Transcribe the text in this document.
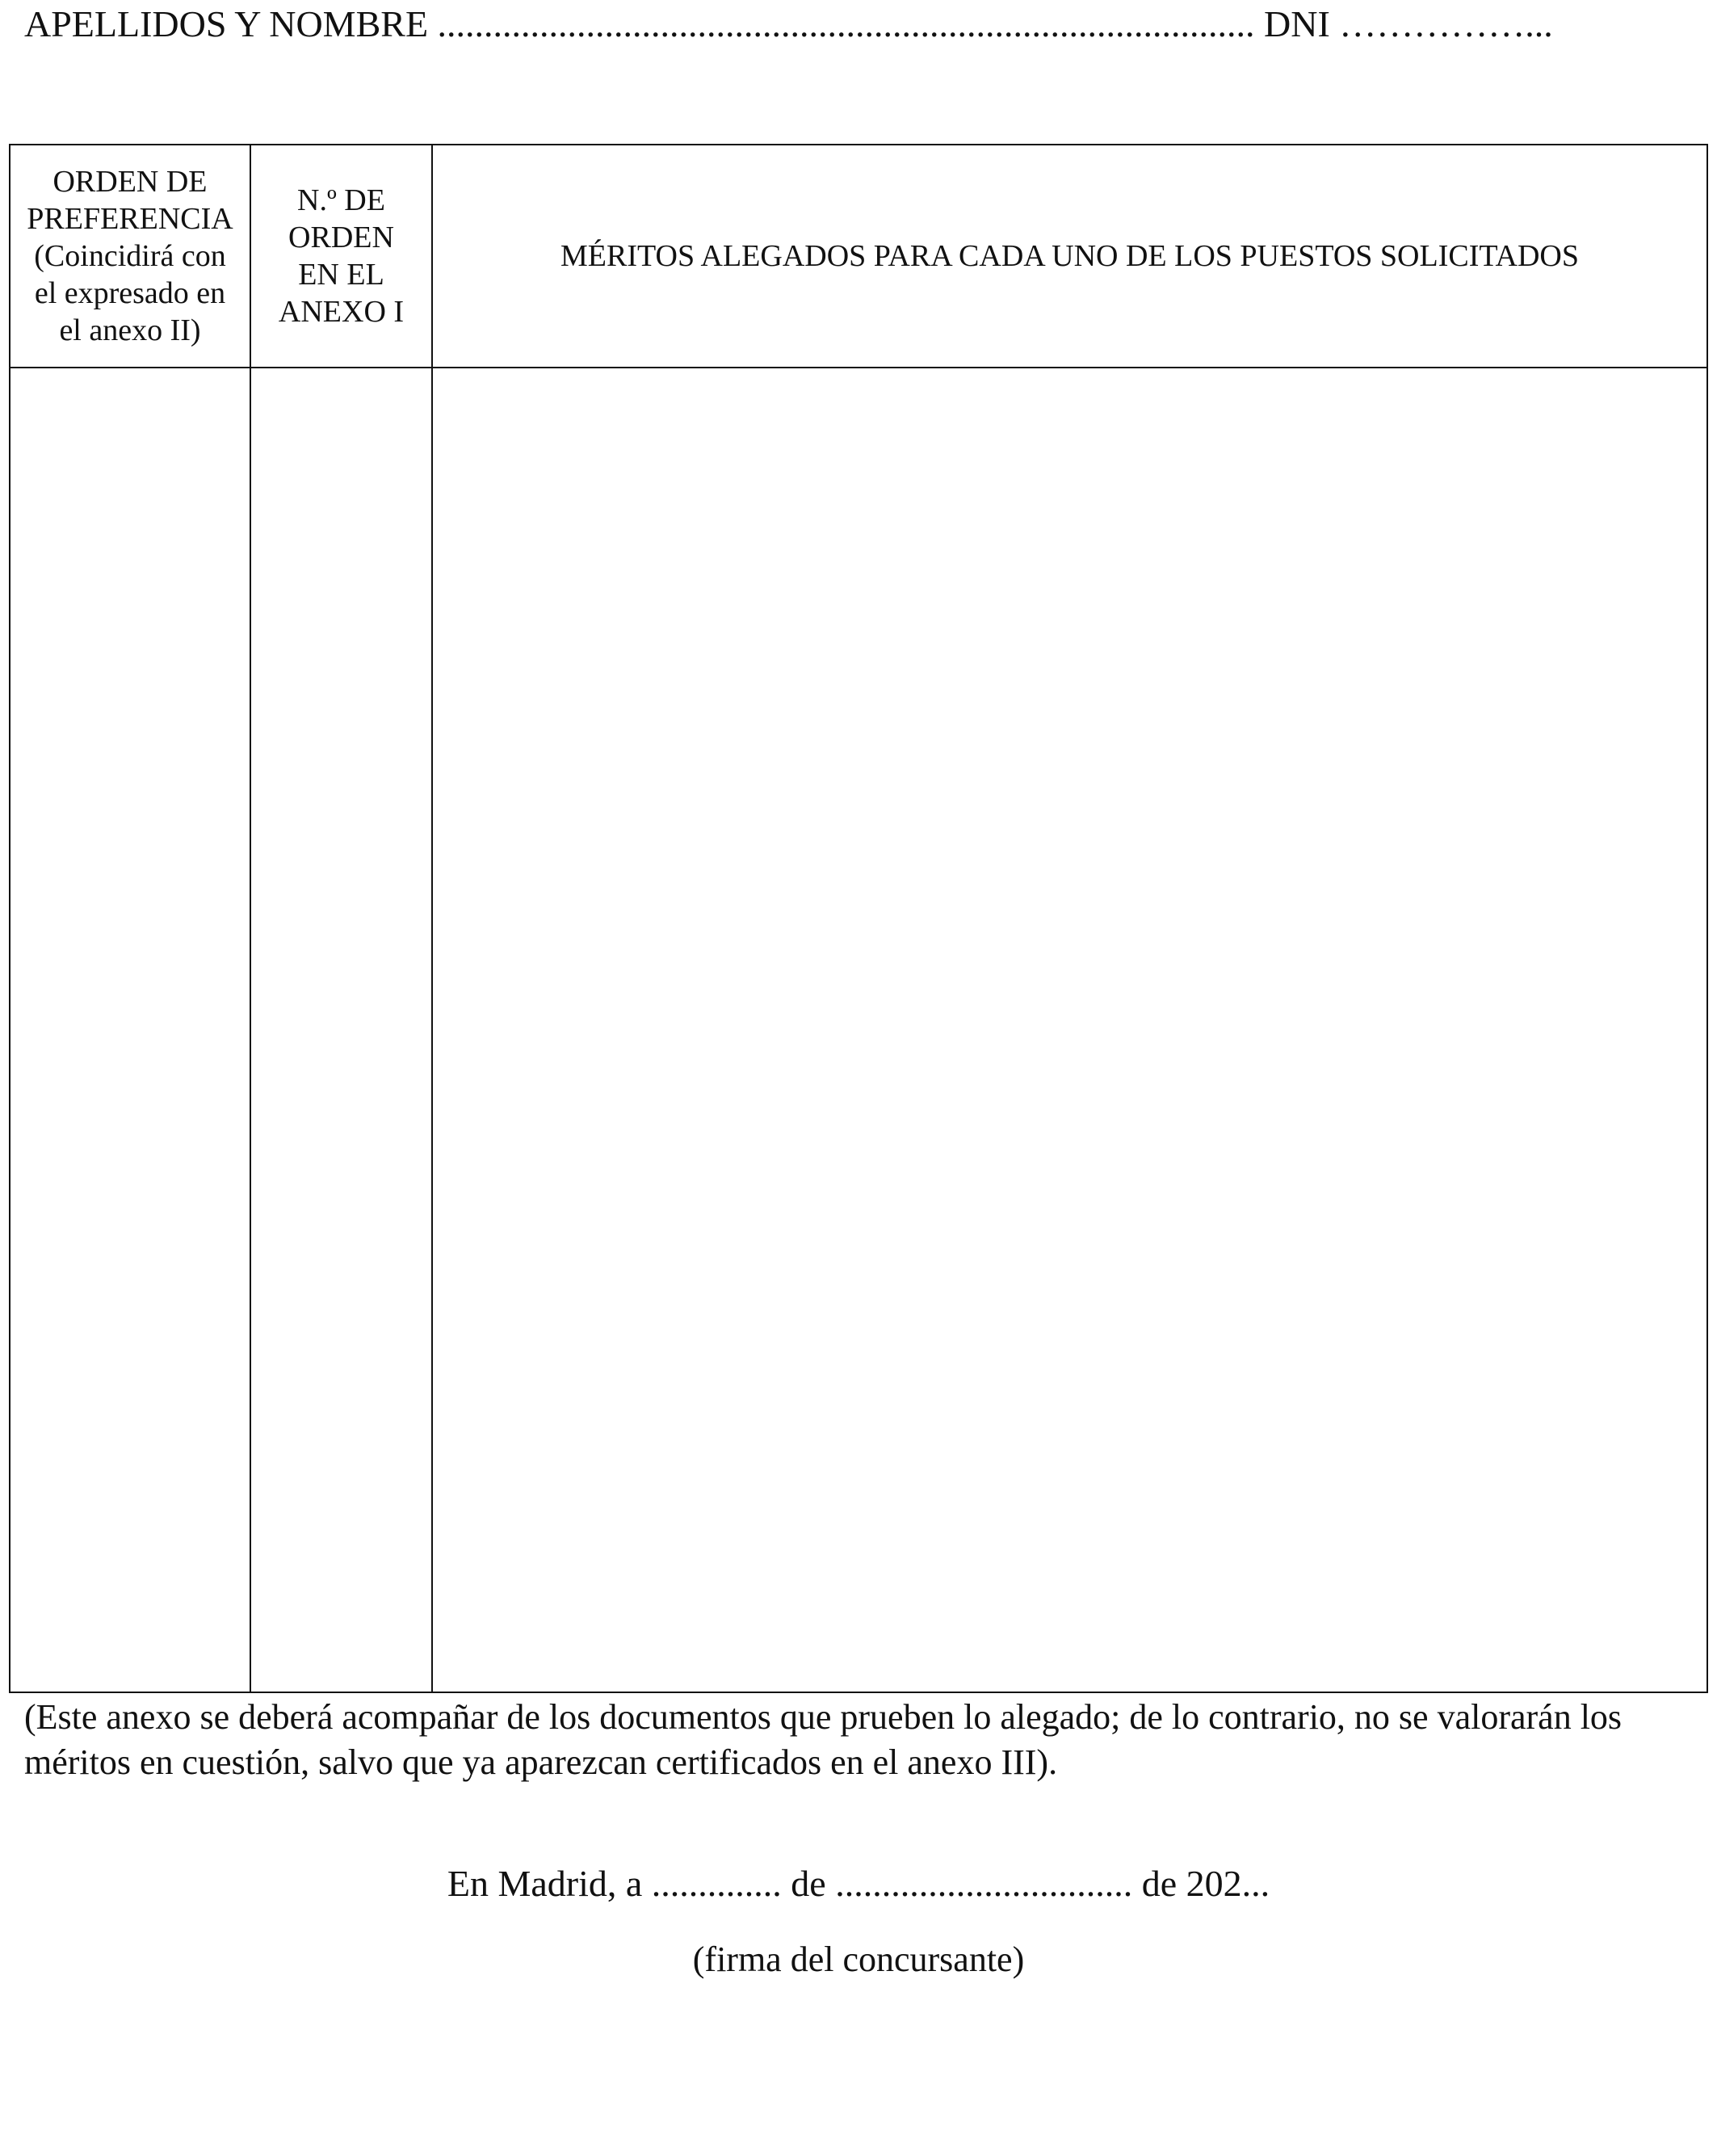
APELLIDOS Y NOMBRE ........................................................................................ DNI ……………...
ORDEN DE
PREFERENCIA
(Coincidirá con
el expresado en
el anexo II)	N.º DE
ORDEN
EN EL
ANEXO I	MÉRITOS ALEGADOS PARA CADA UNO DE LOS PUESTOS SOLICITADOS

(Este anexo se deberá acompañar de los documentos que prueben lo alegado; de lo contrario, no se valorarán los méritos en cuestión, salvo que ya aparezcan certificados en el anexo III).
En Madrid, a .............. de ................................ de 202...
(firma del concursante)
